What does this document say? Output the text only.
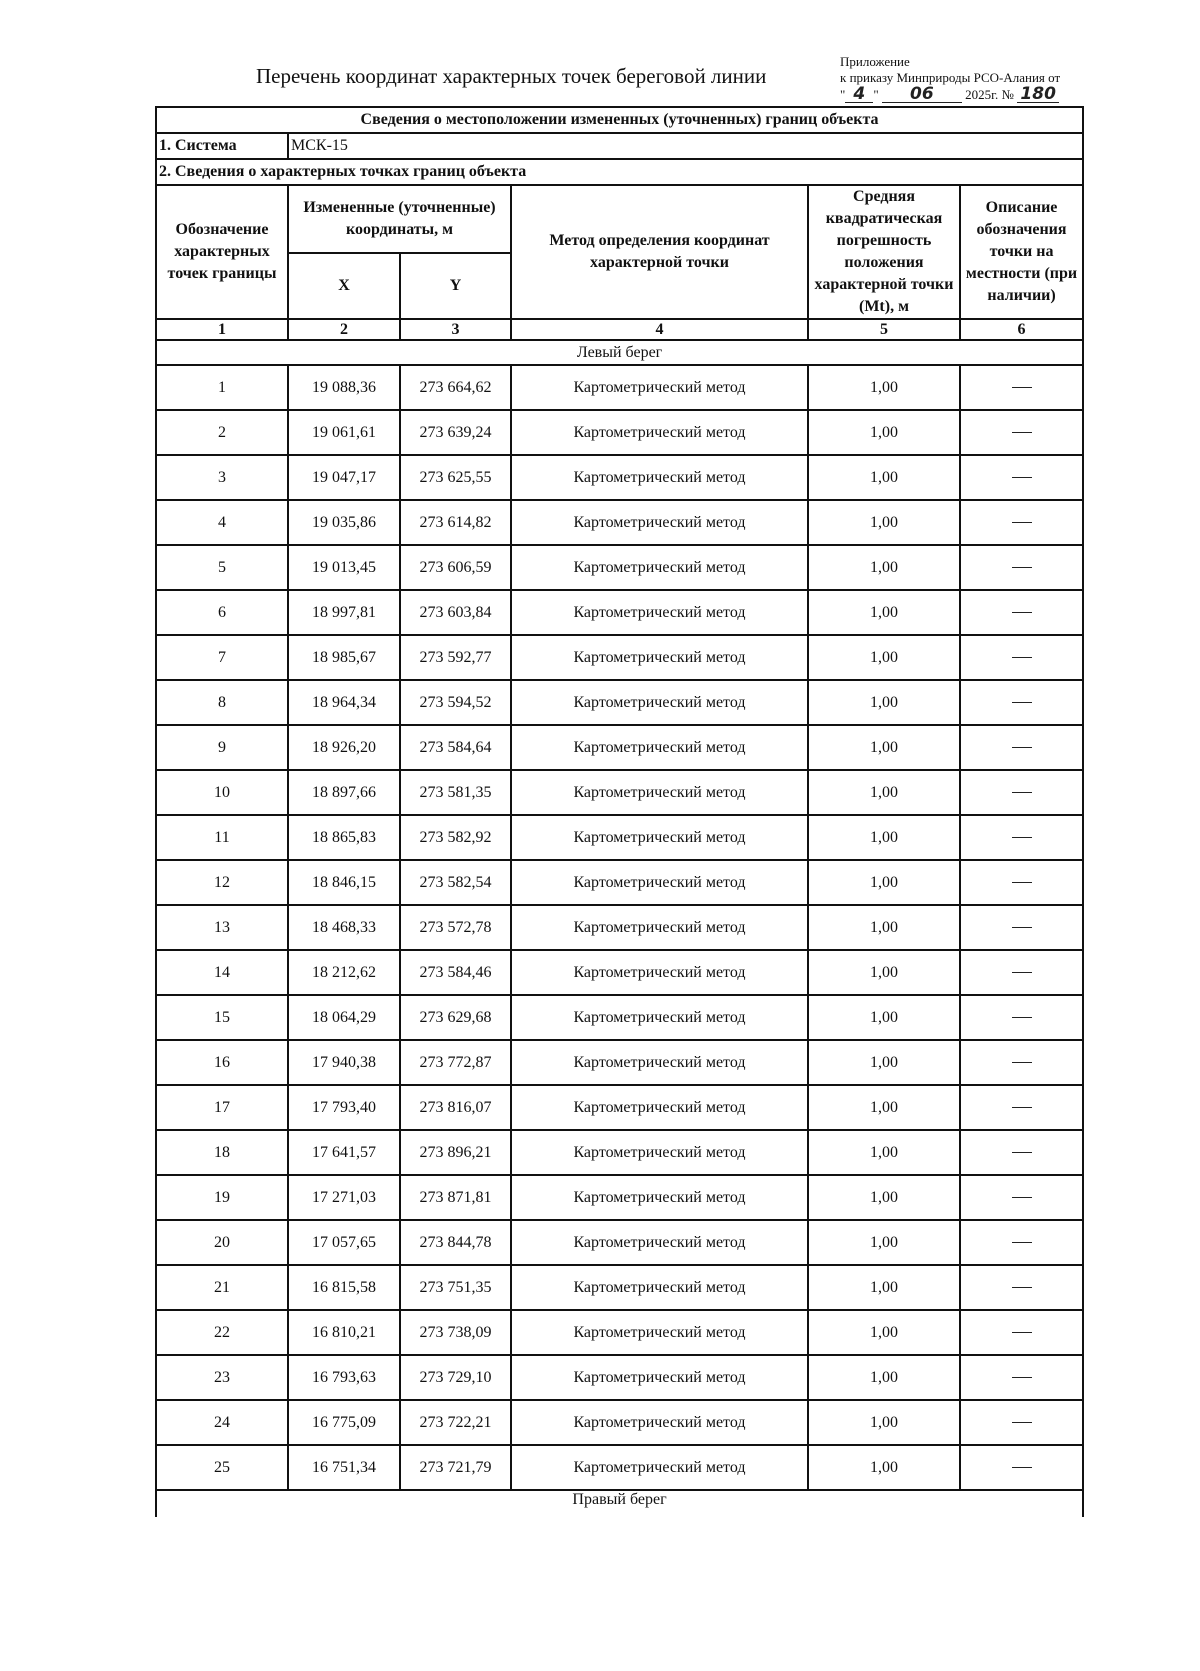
Перечень координат характерных точек береговой линии
Приложение
к приказу Минприроды РСО-Алания от
" 4 " 06 2025г. № 180
Сведения о местоположении измененных (уточненных) границ объекта					
1. Система	МСК-15				
2. Сведения о характерных точках границ объекта					
Обозначение характерных точек границы	Измененные (уточненные) координаты, м		Метод определения координат характерной точки	Средняя квадратическая погрешность положения характерной точки (Mt), м	Описание обозначения точки на местности (при наличии)
	X	Y			
1	2	3	4	5	6
Левый берег					
1	19 088,36	273 664,62	Картометрический метод	1,00	
2	19 061,61	273 639,24	Картометрический метод	1,00	
3	19 047,17	273 625,55	Картометрический метод	1,00	
4	19 035,86	273 614,82	Картометрический метод	1,00	
5	19 013,45	273 606,59	Картометрический метод	1,00	
6	18 997,81	273 603,84	Картометрический метод	1,00	
7	18 985,67	273 592,77	Картометрический метод	1,00	
8	18 964,34	273 594,52	Картометрический метод	1,00	
9	18 926,20	273 584,64	Картометрический метод	1,00	
10	18 897,66	273 581,35	Картометрический метод	1,00	
11	18 865,83	273 582,92	Картометрический метод	1,00	
12	18 846,15	273 582,54	Картометрический метод	1,00	
13	18 468,33	273 572,78	Картометрический метод	1,00	
14	18 212,62	273 584,46	Картометрический метод	1,00	
15	18 064,29	273 629,68	Картометрический метод	1,00	
16	17 940,38	273 772,87	Картометрический метод	1,00	
17	17 793,40	273 816,07	Картометрический метод	1,00	
18	17 641,57	273 896,21	Картометрический метод	1,00	
19	17 271,03	273 871,81	Картометрический метод	1,00	
20	17 057,65	273 844,78	Картометрический метод	1,00	
21	16 815,58	273 751,35	Картометрический метод	1,00	
22	16 810,21	273 738,09	Картометрический метод	1,00	
23	16 793,63	273 729,10	Картометрический метод	1,00	
24	16 775,09	273 722,21	Картометрический метод	1,00	
25	16 751,34	273 721,79	Картометрический метод	1,00	
Правый берег					
